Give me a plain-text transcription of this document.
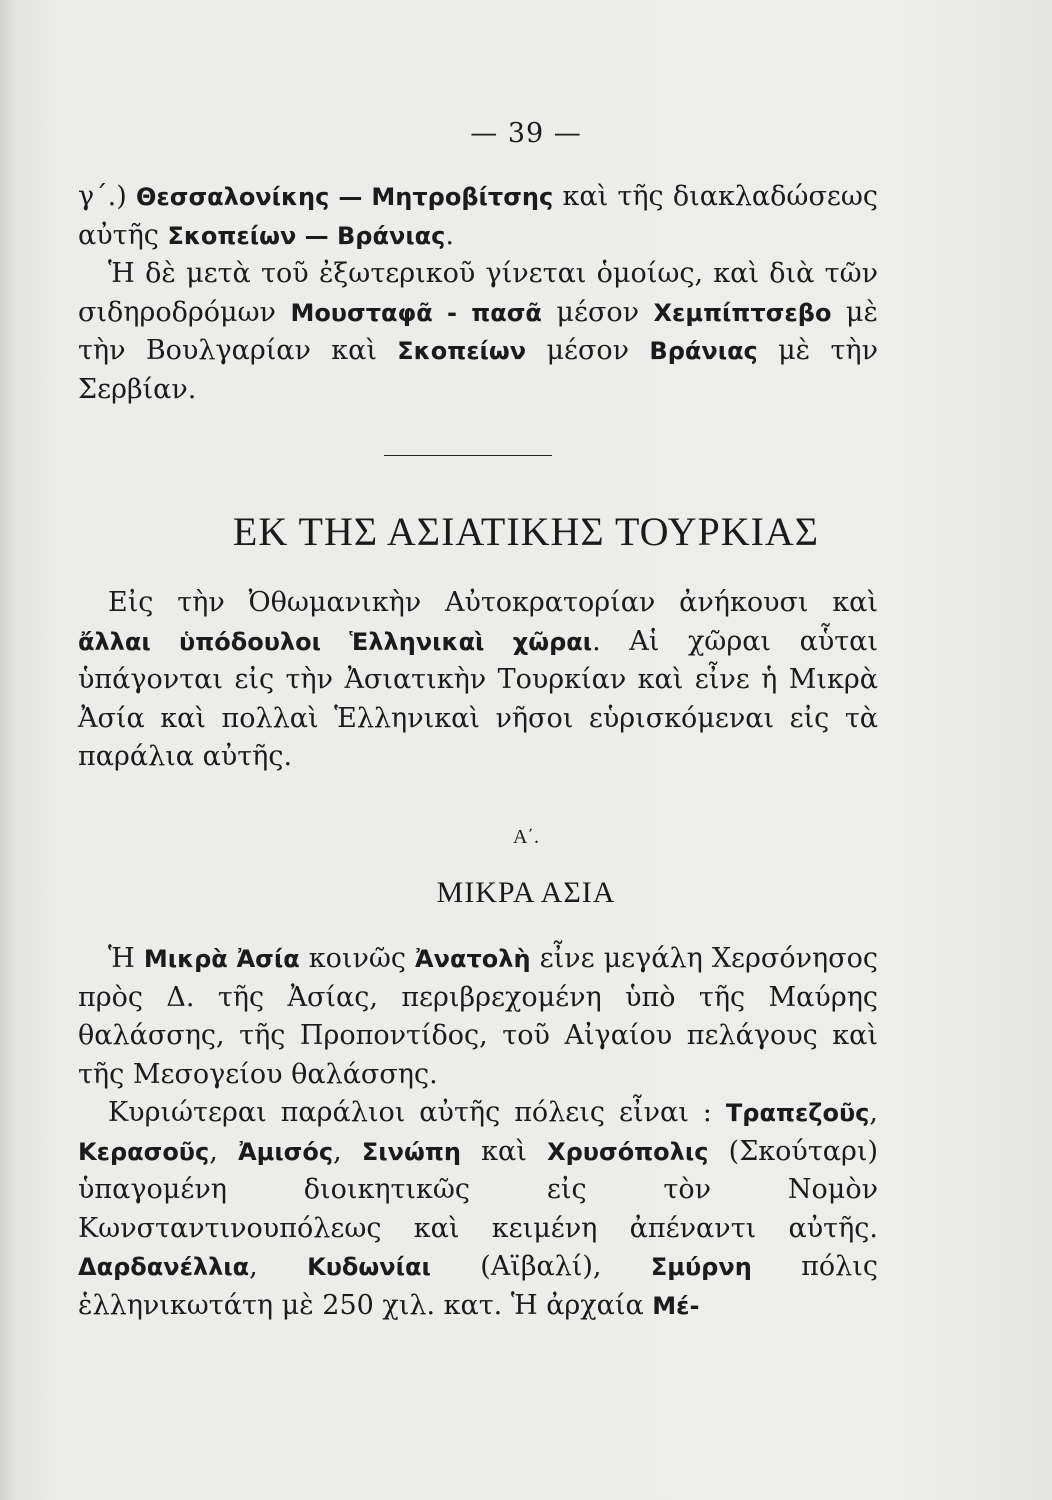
— 39 —

γ΄.) Θεσσαλονίκης — Μητροβίτσης καὶ τῆς διακλαδώσεως αὐτῆς Σκοπείων — Βράνιας.

Ἡ δὲ μετὰ τοῦ ἐξωτερικοῦ γίνεται ὁμοίως, καὶ διὰ τῶν σιδηροδρόμων Μουσταφᾶ - πασᾶ μέσον Χεμπίπτσεβο μὲ τὴν Βουλγαρίαν καὶ Σκοπείων μέσον Βράνιας μὲ τὴν Σερβίαν.

ΕΚ ΤΗΣ ΑΣΙΑΤΙΚΗΣ ΤΟΥΡΚΙΑΣ

Εἰς τὴν Ὀθωμανικὴν Αὐτοκρατορίαν ἀνήκουσι καὶ ἄλλαι ὑπόδουλοι Ἑλληνικαὶ χῶραι. Αἱ χῶραι αὗται ὑπάγονται εἰς τὴν Ἀσιατικὴν Τουρκίαν καὶ εἶνε ἡ Μικρὰ Ἀσία καὶ πολλαὶ Ἑλληνικαὶ νῆσοι εὑρισκόμεναι εἰς τὰ παράλια αὐτῆς.

Α΄.
ΜΙΚΡΑ ΑΣΙΑ

Ἡ Μικρὰ Ἀσία κοινῶς Ἀνατολὴ εἶνε μεγάλη Χερσόνησος πρὸς Δ. τῆς Ἀσίας, περιβρεχομένη ὑπὸ τῆς Μαύρης θαλάσσης, τῆς Προποντίδος, τοῦ Αἰγαίου πελάγους καὶ τῆς Μεσογείου θαλάσσης.

Κυριώτεραι παράλιοι αὐτῆς πόλεις εἶναι : Τραπεζοῦς, Κερασοῦς, Ἀμισός, Σινώπη καὶ Χρυσόπολις (Σκούταρι) ὑπαγομένη διοικητικῶς εἰς τὸν Νομὸν Κωνσταντινουπόλεως καὶ κειμένη ἀπέναντι αὐτῆς. Δαρδανέλλια, Κυδωνίαι (Αϊβαλί), Σμύρνη πόλις ἑλληνικωτάτη μὲ 250 χιλ. κατ. Ἡ ἀρχαία Μέ-
